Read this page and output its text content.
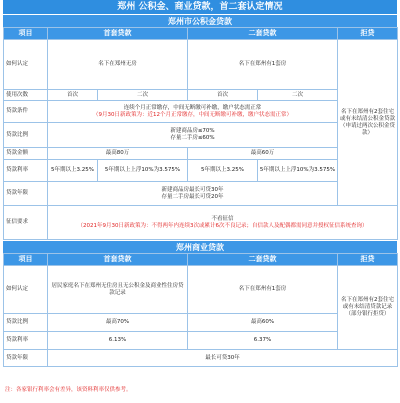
郑州 公积金、商业贷款，首二套认定情况
郑州市公积金贷款
项目	首套贷款		二套贷款		拒贷
如何认定	名下在郑州无房		名下在郑州有1套房		名下在郑州有2套住宅或有未结清公积金贷款（申请过两次公积金贷款）
使用次数	首次	二次	首次	二次	
贷款条件	连续个月正常缴存，中间无断缴可补缴，缴户状态需正常
（9月30日新政策为：近12个月正常缴存，中间无断缴可补缴，缴户状态需正常）				

贷款比例	新建商品房≤70%
存量二手房≤60%				

贷款金额	最高80万		最高60万		
贷款利率	5年期以上3.25%	5年期以上上浮10%为3.575%	5年期以上3.25%	5年期以上上浮10%为3.575%	
贷款年限	新建商品房最长可贷30年
存量二手房最长可贷20年				

征信要求	不看征信
（2021年9月30日新政策为：不得两年内连续3次或累计6次不良记录；自信款人及配偶都需同意并授权征信系统查询）				
郑州商业贷款
项目	首套贷款	二套贷款	拒贷
如何认定	居民家庭名下在郑州无住房且无公积金及商业性住房贷款记录	名下在郑州有1套房	名下在郑州有2套住宅或有未结清贷款记录（部分银行拒贷）
贷款比例	最高70%	最高60%	
贷款利率	6.13%	6.37%	
贷款年限	最长可贷30年		
注：各家银行利率会有差异，该资料利率仅供参考。
